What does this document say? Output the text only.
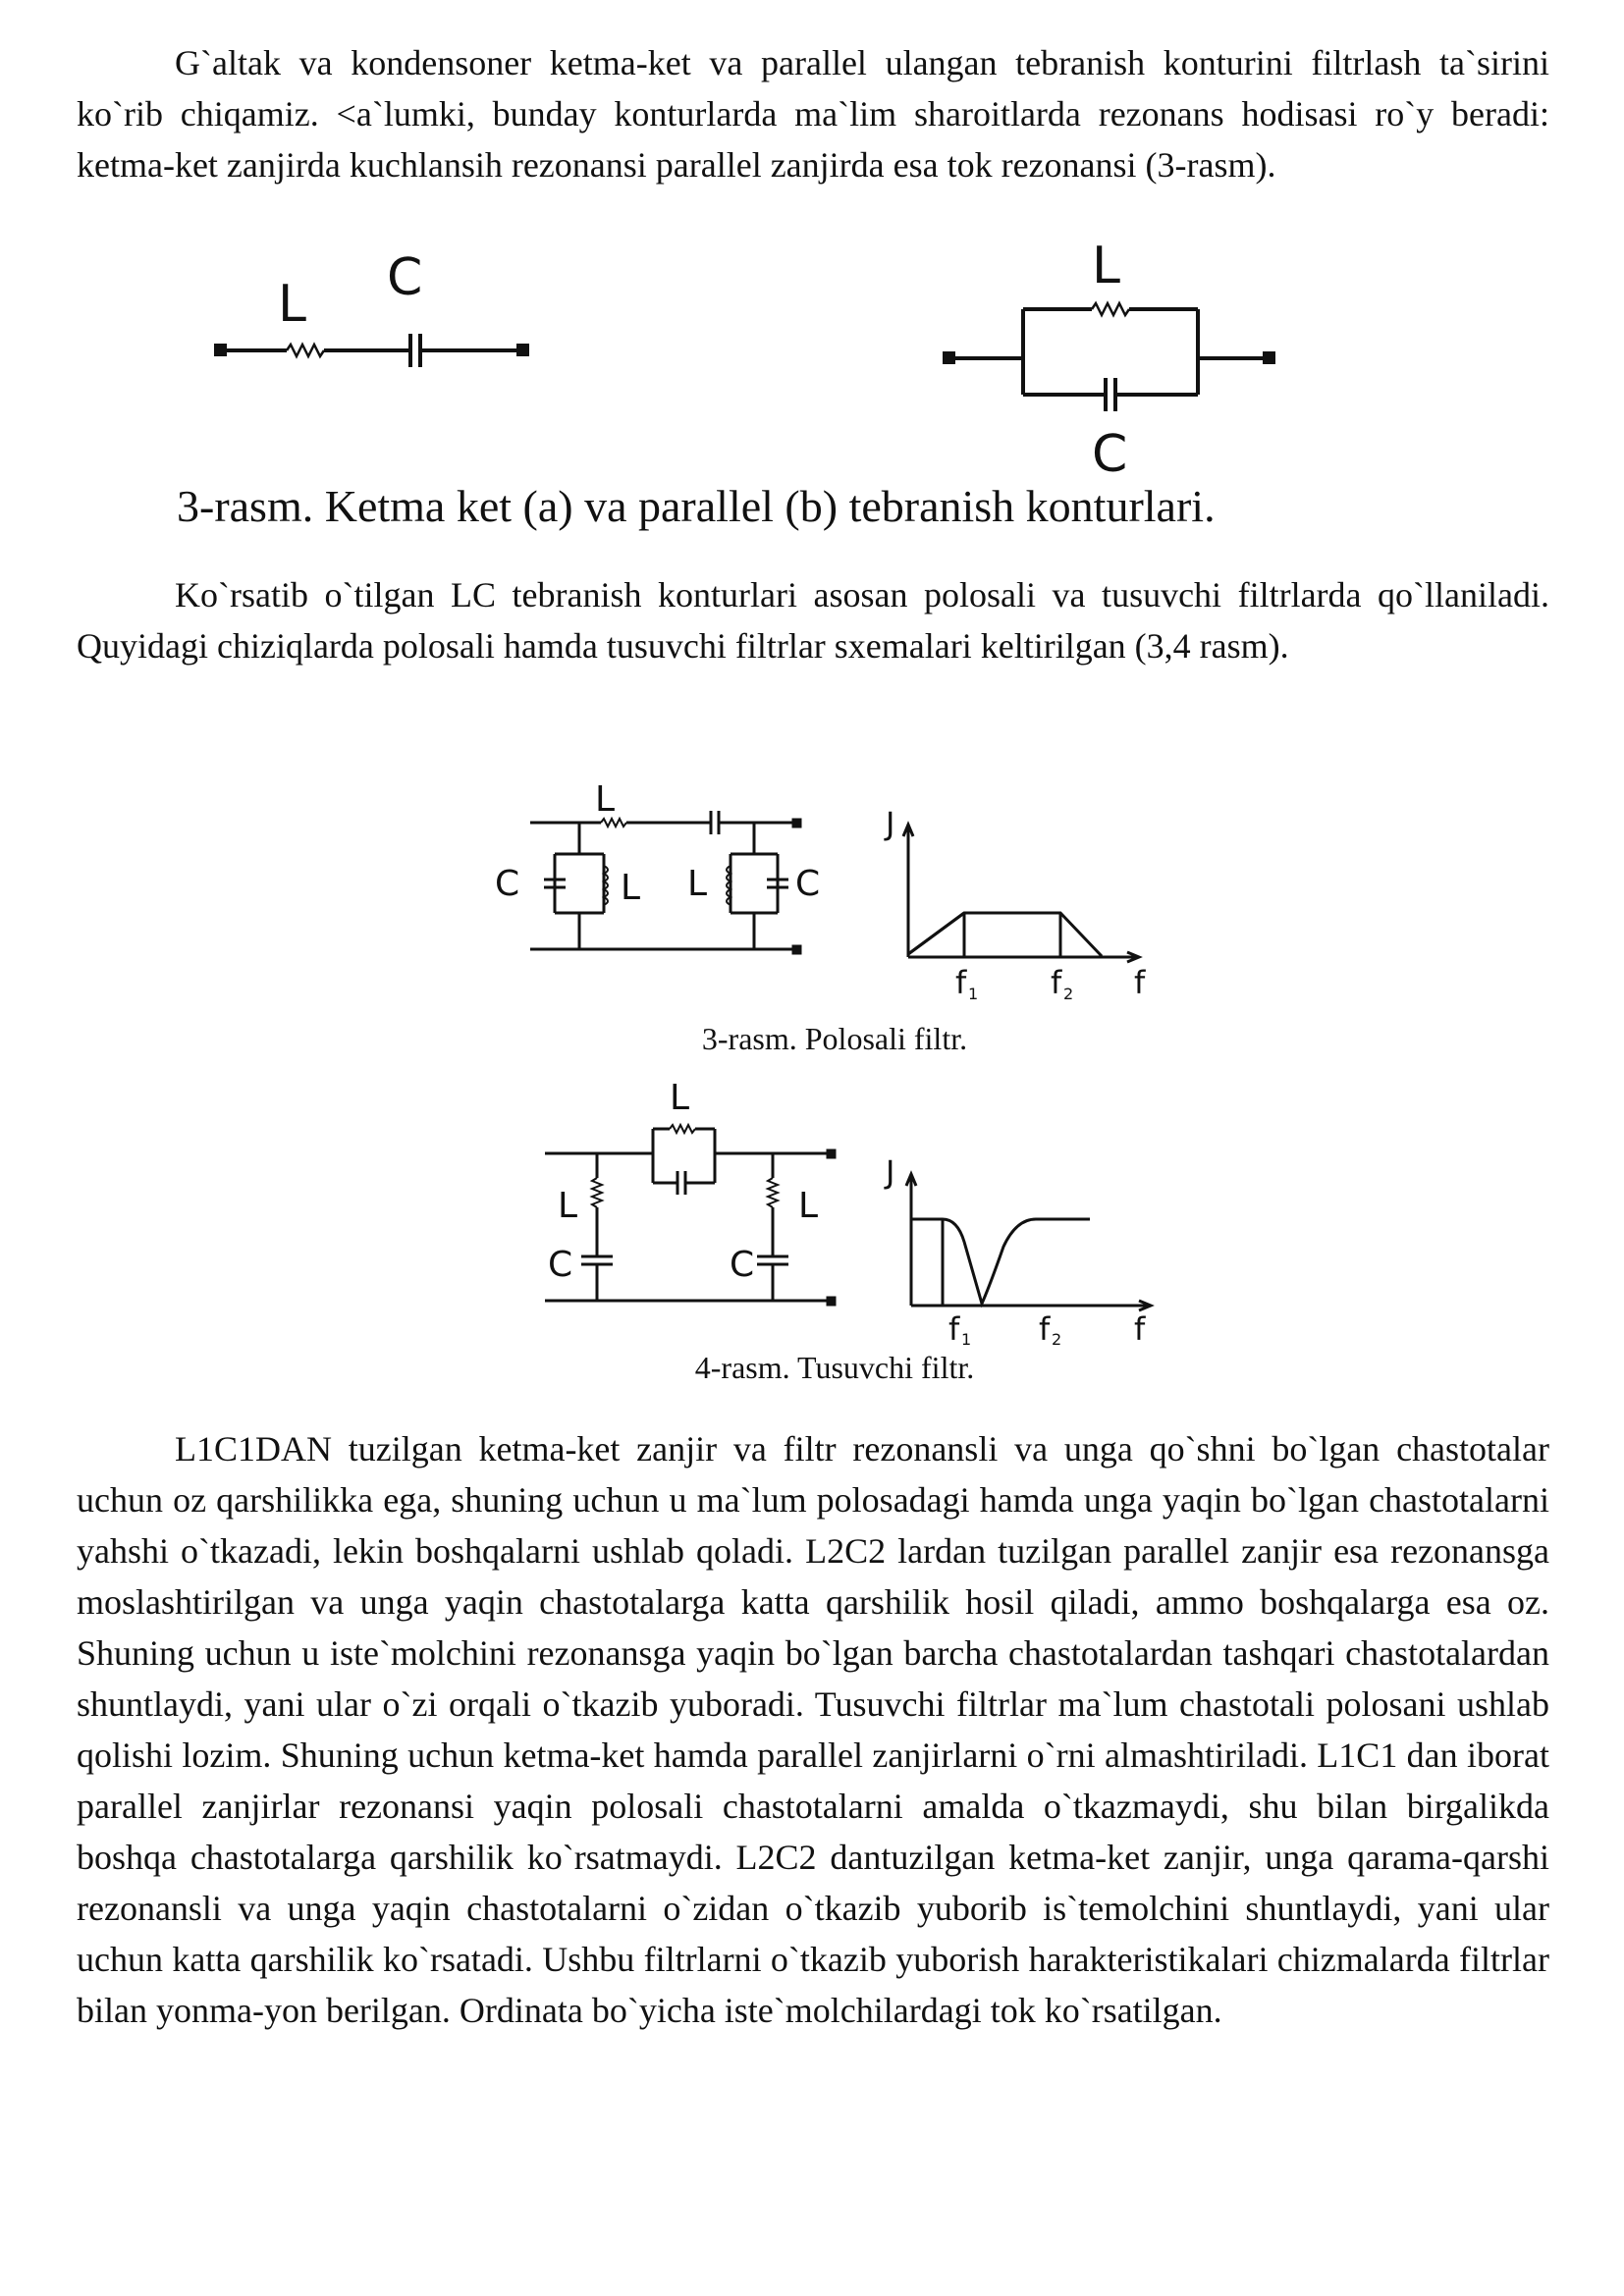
G`altak va kondensoner ketma-ket va parallel ulangan tebranish konturini filtrlash ta`sirini ko`rib chiqamiz. <a`lumki, bunday konturlarda ma`lim sharoitlarda rezonans hodisasi ro`y beradi: ketma-ket zanjirda kuchlansih rezonansi parallel zanjirda esa tok rezonansi (3-rasm).

L C	L
C

3-rasm. Ketma ket (a) va parallel (b) tebranish konturlari.

Ko`rsatib o`tilgan LC tebranish konturlari asosan polosali va tusuvchi filtrlarda qo`llaniladi. Quyidagi chiziqlarda polosali hamda tusuvchi filtrlar sxemalari keltirilgan (3,4 rasm).

L
C	L L C
J
f 1 f 2 f

3-rasm. Polosali filtr.

L
L
C
L
C
J
f 1 f 2 f

4-rasm. Tusuvchi filtr.

L1C1DAN tuzilgan ketma-ket zanjir va filtr rezonansli va unga qo`shni bo`lgan chastotalar uchun oz qarshilikka ega, shuning uchun u ma`lum polosadagi hamda unga yaqin bo`lgan chastotalarni yahshi o`tkazadi, lekin boshqalarni ushlab qoladi. L2C2 lardan tuzilgan parallel zanjir esa rezonansga moslashtirilgan va unga yaqin chastotalarga katta qarshilik hosil qiladi, ammo boshqalarga esa oz. Shuning uchun u iste`molchini rezonansga yaqin bo`lgan barcha chastotalardan tashqari chastotalardan shuntlaydi, yani ular o`zi orqali o`tkazib yuboradi. Tusuvchi filtrlar ma`lum chastotali polosani ushlab qolishi lozim. Shuning uchun ketma-ket hamda parallel zanjirlarni o`rni almashtiriladi. L1C1 dan iborat parallel zanjirlar rezonansi yaqin polosali chastotalarni amalda o`tkazmaydi, shu bilan birgalikda boshqa chastotalarga qarshilik ko`rsatmaydi. L2C2 dantuzilgan ketma-ket zanjir, unga qarama-qarshi rezonansli va unga yaqin chastotalarni o`zidan o`tkazib yuborib is`temolchini shuntlaydi, yani ular uchun katta qarshilik ko`rsatadi. Ushbu filtrlarni o`tkazib yuborish harakteristikalari chizmalarda filtrlar bilan yonma-yon berilgan. Ordinata bo`yicha iste`molchilardagi tok ko`rsatilgan.
